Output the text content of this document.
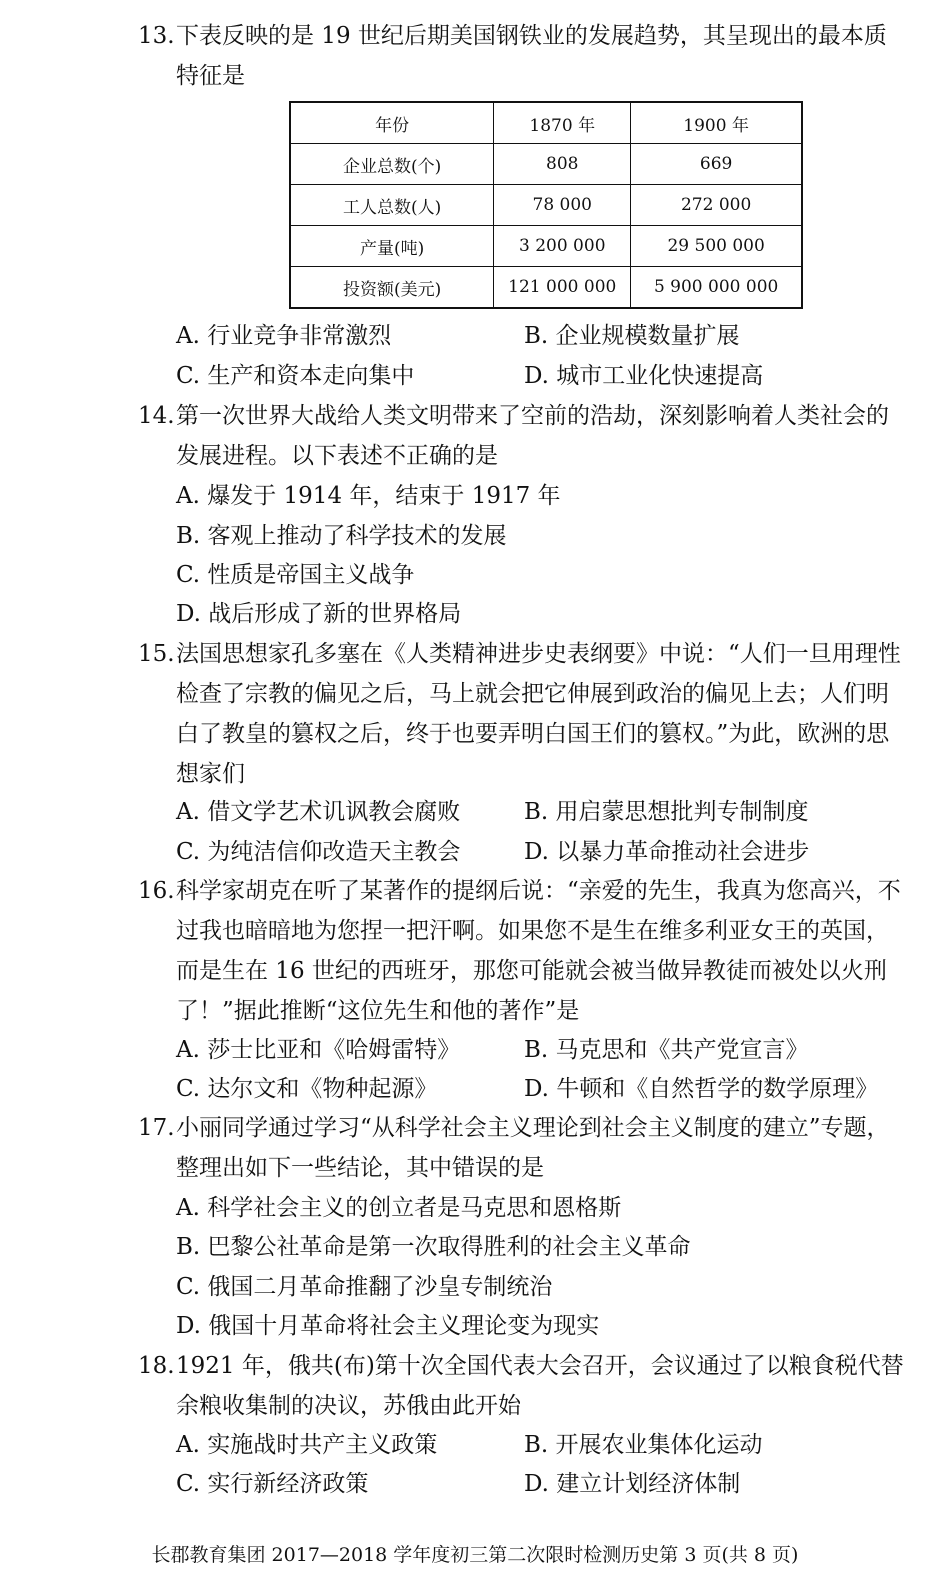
13. 下表反映的是 19 世纪后期美国钢铁业的发展趋势，其呈现出的最本质
特征是
年份	1870 年	1900 年
企业总数(个)	808	669
工人总数(人)	78 000	272 000
产量(吨)	3 200 000	29 500 000
投资额(美元)	121 000 000	5 900 000 000
A. 行业竞争非常激烈	B. 企业规模数量扩展
C. 生产和资本走向集中	D. 城市工业化快速提高
14. 第一次世界大战给人类文明带来了空前的浩劫，深刻影响着人类社会的
发展进程。以下表述不正确的是
A. 爆发于 1914 年，结束于 1917 年
B. 客观上推动了科学技术的发展
C. 性质是帝国主义战争
D. 战后形成了新的世界格局
15. 法国思想家孔多塞在《人类精神进步史表纲要》中说：“人们一旦用理性
检查了宗教的偏见之后，马上就会把它伸展到政治的偏见上去；人们明
白了教皇的篡权之后，终于也要弄明白国王们的篡权。”为此，欧洲的思
想家们
A. 借文学艺术讥讽教会腐败	B. 用启蒙思想批判专制制度
C. 为纯洁信仰改造天主教会	D. 以暴力革命推动社会进步
16. 科学家胡克在听了某著作的提纲后说：“亲爱的先生，我真为您高兴，不
过我也暗暗地为您捏一把汗啊。如果您不是生在维多利亚女王的英国，
而是生在 16 世纪的西班牙，那您可能就会被当做异教徒而被处以火刑
了！”据此推断“这位先生和他的著作”是
A. 莎士比亚和《哈姆雷特》	B. 马克思和《共产党宣言》
C. 达尔文和《物种起源》	D. 牛顿和《自然哲学的数学原理》
17. 小丽同学通过学习“从科学社会主义理论到社会主义制度的建立”专题，
整理出如下一些结论，其中错误的是
A. 科学社会主义的创立者是马克思和恩格斯
B. 巴黎公社革命是第一次取得胜利的社会主义革命
C. 俄国二月革命推翻了沙皇专制统治
D. 俄国十月革命将社会主义理论变为现实
18. 1921 年，俄共(布)第十次全国代表大会召开，会议通过了以粮食税代替
余粮收集制的决议，苏俄由此开始
A. 实施战时共产主义政策	B. 开展农业集体化运动
C. 实行新经济政策	D. 建立计划经济体制
长郡教育集团 2017—2018 学年度初三第二次限时检测历史第 3 页(共 8 页)
